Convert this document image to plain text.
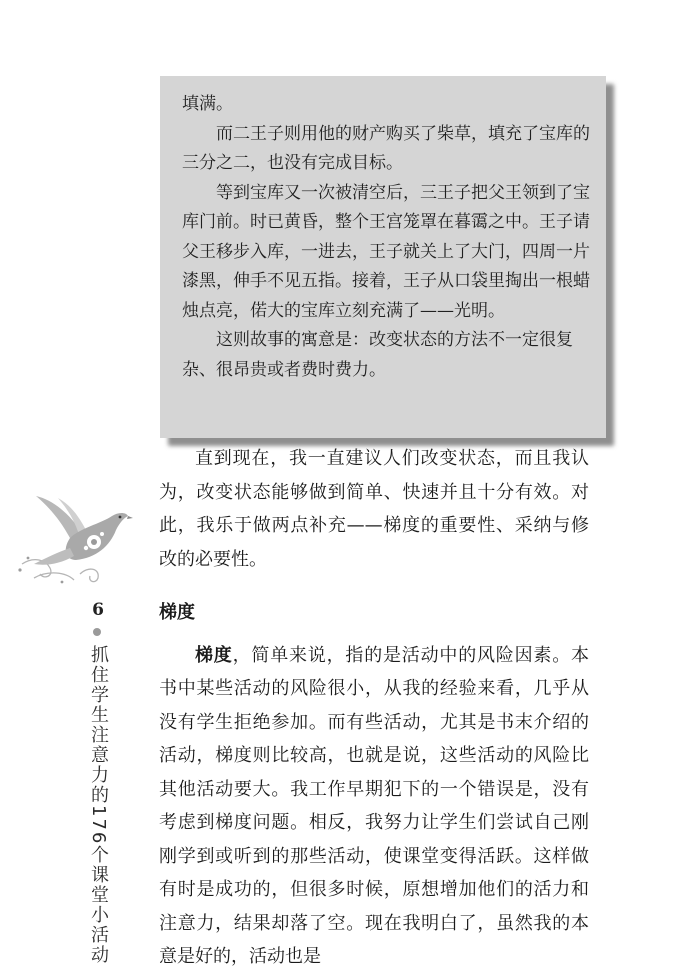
填满。

而二王子则用他的财产购买了柴草，填充了宝库的三分之二，也没有完成目标。

等到宝库又一次被清空后，三王子把父王领到了宝库门前。时已黄昏，整个王宫笼罩在暮霭之中。王子请父王移步入库，一进去，王子就关上了大门，四周一片漆黑，伸手不见五指。接着，王子从口袋里掏出一根蜡烛点亮，偌大的宝库立刻充满了——光明。

这则故事的寓意是：改变状态的方法不一定很复杂、很昂贵或者费时费力。

直到现在，我一直建议人们改变状态，而且我认为，改变状态能够做到简单、快速并且十分有效。对此，我乐于做两点补充——梯度的重要性、采纳与修改的必要性。

梯度

梯度，简单来说，指的是活动中的风险因素。本书中某些活动的风险很小，从我的经验来看，几乎从没有学生拒绝参加。而有些活动，尤其是书末介绍的活动，梯度则比较高，也就是说，这些活动的风险比其他活动要大。我工作早期犯下的一个错误是，没有考虑到梯度问题。相反，我努力让学生们尝试自己刚刚学到或听到的那些活动，使课堂变得活跃。这样做有时是成功的，但很多时候，原想增加他们的活力和注意力，结果却落了空。现在我明白了，虽然我的本意是好的，活动也是

6
抓住学生注意力的176个课堂小活动
